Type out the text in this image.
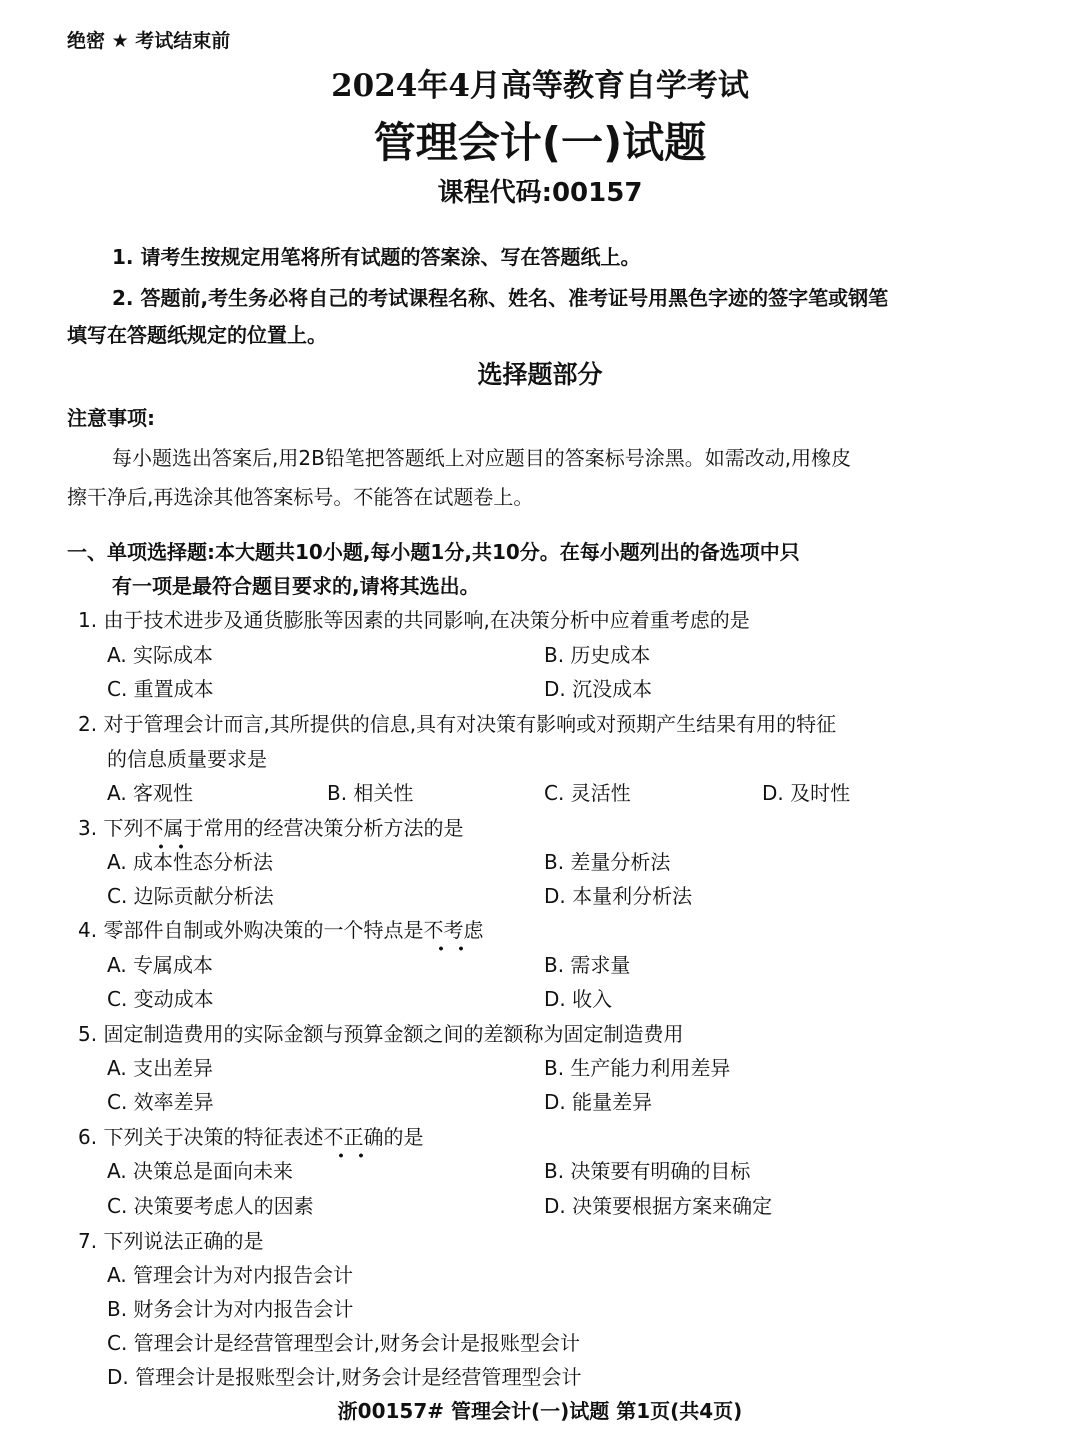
绝密 ★ 考试结束前
2024年4月高等教育自学考试
管理会计(一)试题
课程代码:00157
1. 请考生按规定用笔将所有试题的答案涂、写在答题纸上。
2. 答题前,考生务必将自己的考试课程名称、姓名、准考证号用黑色字迹的签字笔或钢笔
填写在答题纸规定的位置上。
选择题部分
注意事项:
每小题选出答案后,用2B铅笔把答题纸上对应题目的答案标号涂黑。如需改动,用橡皮
擦干净后,再选涂其他答案标号。不能答在试题卷上。
一、单项选择题:本大题共10小题,每小题1分,共10分。在每小题列出的备选项中只
有一项是最符合题目要求的,请将其选出。
1. 由于技术进步及通货膨胀等因素的共同影响,在决策分析中应着重考虑的是
A. 实际成本	B. 历史成本
C. 重置成本	D. 沉没成本
2. 对于管理会计而言,其所提供的信息,具有对决策有影响或对预期产生结果有用的特征
的信息质量要求是
A. 客观性	B. 相关性	C. 灵活性	D. 及时性
3. 下列不属于常用的经营决策分析方法的是
A. 成本性态分析法	B. 差量分析法
C. 边际贡献分析法	D. 本量利分析法
4. 零部件自制或外购决策的一个特点是不考虑
A. 专属成本	B. 需求量
C. 变动成本	D. 收入
5. 固定制造费用的实际金额与预算金额之间的差额称为固定制造费用
A. 支出差异	B. 生产能力利用差异
C. 效率差异	D. 能量差异
6. 下列关于决策的特征表述不正确的是
A. 决策总是面向未来	B. 决策要有明确的目标
C. 决策要考虑人的因素	D. 决策要根据方案来确定
7. 下列说法正确的是
A. 管理会计为对内报告会计
B. 财务会计为对内报告会计
C. 管理会计是经营管理型会计,财务会计是报账型会计
D. 管理会计是报账型会计,财务会计是经营管理型会计
浙00157# 管理会计(一)试题 第1页(共4页)
